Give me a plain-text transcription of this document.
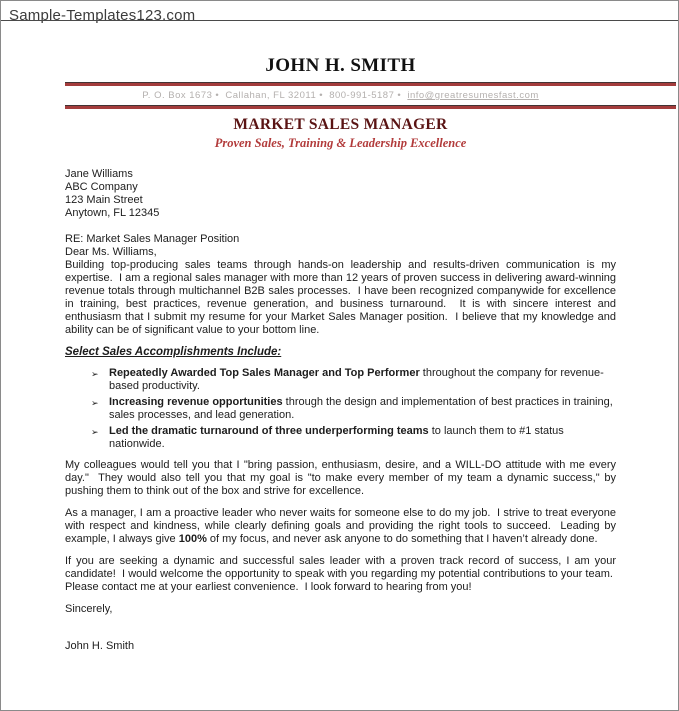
Sample-Templates123.com
JOHN H. SMITH
P. O. Box 1673 • Callahan, FL 32011 • 800-991-5187 • info@greatresumesfast.com
MARKET SALES MANAGER
Proven Sales, Training & Leadership Excellence
Jane Williams
ABC Company
123 Main Street
Anytown, FL 12345
RE: Market Sales Manager Position
Dear Ms. Williams,

Building top-producing sales teams through hands-on leadership and results-driven communication is my expertise.  I am a regional sales manager with more than 12 years of proven success in delivering award-winning revenue totals through multichannel B2B sales processes.  I have been recognized companywide for excellence in training, best practices, revenue generation, and business turnaround.  It is with sincere interest and enthusiasm that I submit my resume for your Market Sales Manager position.  I believe that my knowledge and ability can be of significant value to your bottom line.

Select Sales Accomplishments Include:
➢ Repeatedly Awarded Top Sales Manager and Top Performer throughout the company for revenue-based productivity.
➢ Increasing revenue opportunities through the design and implementation of best practices in training, sales processes, and lead generation.
➢ Led the dramatic turnaround of three underperforming teams to launch them to #1 status nationwide.

My colleagues would tell you that I "bring passion, enthusiasm, desire, and a WILL-DO attitude with me every day."  They would also tell you that my goal is "to make every member of my team a dynamic success," by pushing them to think out of the box and strive for excellence.

As a manager, I am a proactive leader who never waits for someone else to do my job.  I strive to treat everyone with respect and kindness, while clearly defining goals and providing the right tools to succeed.  Leading by example, I always give 100% of my focus, and never ask anyone to do something that I haven’t already done.

If you are seeking a dynamic and successful sales leader with a proven track record of success, I am your candidate!  I would welcome the opportunity to speak with you regarding my potential contributions to your team.  Please contact me at your earliest convenience.  I look forward to hearing from you!

Sincerely,
John H. Smith
